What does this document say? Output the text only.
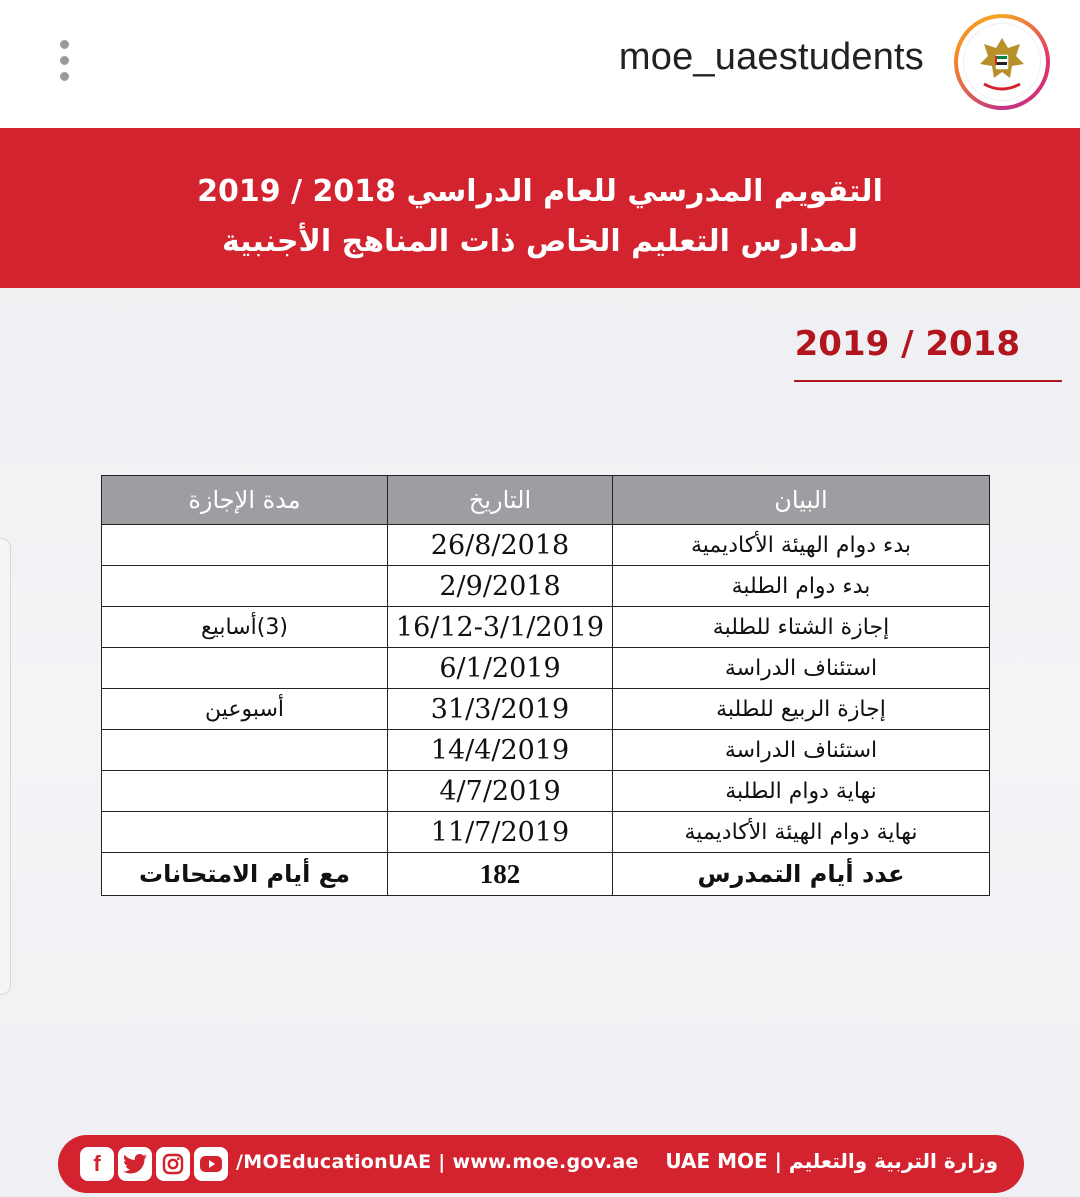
moe_uaestudents
التقويم المدرسي للعام الدراسي 2018 / 2019
لمدارس التعليم الخاص ذات المناهج الأجنبية
2019 / 2018
البيان	التاريخ	مدة الإجازة
بدء دوام الهيئة الأكاديمية	26/8/2018	
بدء دوام الطلبة	2/9/2018	
إجازة الشتاء للطلبة	16/12-3/1/2019	(3)أسابيع
استئناف الدراسة	6/1/2019	
إجازة الربيع للطلبة	31/3/2019	أسبوعين
استئناف الدراسة	14/4/2019	
نهاية دوام الطلبة	4/7/2019	
نهاية دوام الهيئة الأكاديمية	11/7/2019	
عدد أيام التمدرس	182	مع أيام الامتحانات
f	/MOEducationUAE | www.moe.gov.ae وزارة التربية والتعليم | UAE MOE
